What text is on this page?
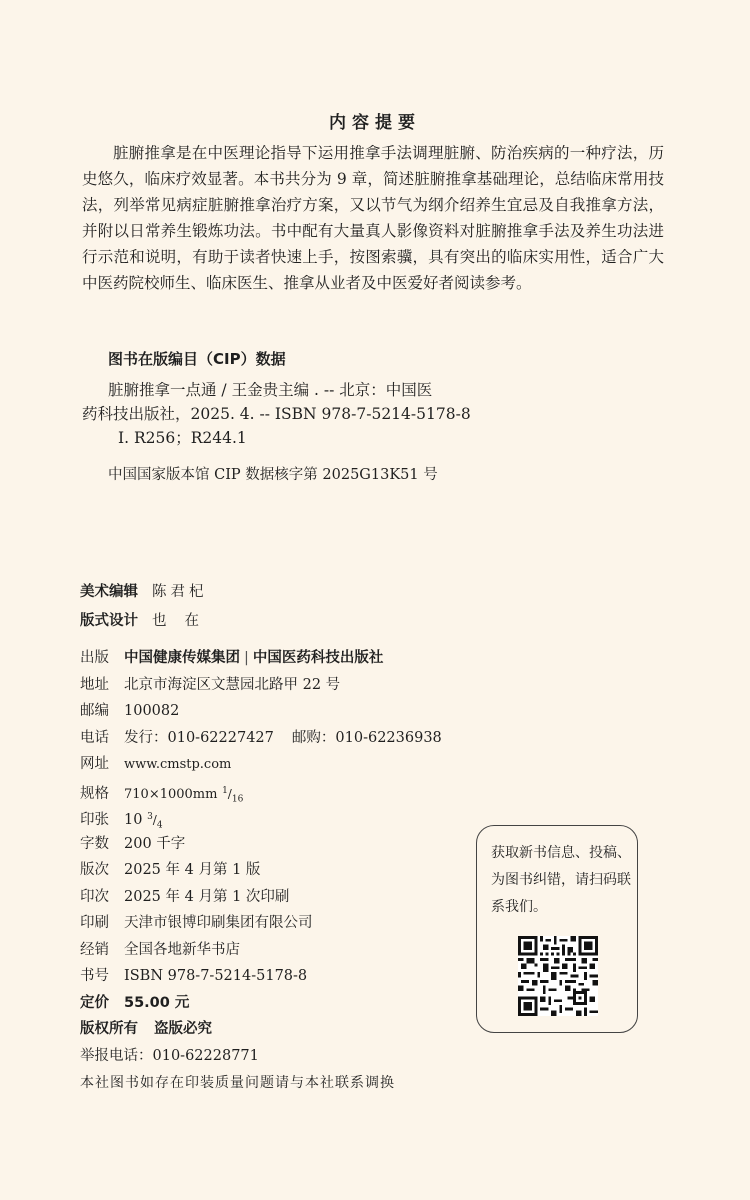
内容提要

脏腑推拿是在中医理论指导下运用推拿手法调理脏腑、防治疾病的一种疗法，历史悠久，临床疗效显著。本书共分为 9 章，简述脏腑推拿基础理论，总结临床常用技法，列举常见病症脏腑推拿治疗方案，又以节气为纲介绍养生宜忌及自我推拿方法，并附以日常养生锻炼功法。书中配有大量真人影像资料对脏腑推拿手法及养生功法进行示范和说明，有助于读者快速上手，按图索骥，具有突出的临床实用性，适合广大中医药院校师生、临床医生、推拿从业者及中医爱好者阅读参考。

图书在版编目（CIP）数据
脏腑推拿一点通 / 王金贵主编 . -- 北京：中国医
药科技出版社，2025. 4. -- ISBN 978-7-5214-5178-8
Ⅰ. R256；R244.1
中国国家版本馆 CIP 数据核字第 2025G13K51 号
美术编辑 陈君杞
版式设计 也在
出版 中国健康传媒集团 | 中国医药科技出版社
地址 北京市海淀区文慧园北路甲 22 号
邮编 100082
电话 发行：010-62227427 邮购：010-62236938
网址 www.cmstp.com
规格 710×1000mm $^1/_{16}$
印张 10 $^3/_4$
字数 200 千字
版次 2025 年 4 月第 1 版
印次 2025 年 4 月第 1 次印刷
印刷 天津市银博印刷集团有限公司
经销 全国各地新华书店
书号 ISBN 978-7-5214-5178-8
定价 55.00 元
版权所有 盗版必究
举报电话：010-62228771
本社图书如存在印装质量问题请与本社联系调换
获取新书信息、投稿、为图书纠错，请扫码联系我们。
